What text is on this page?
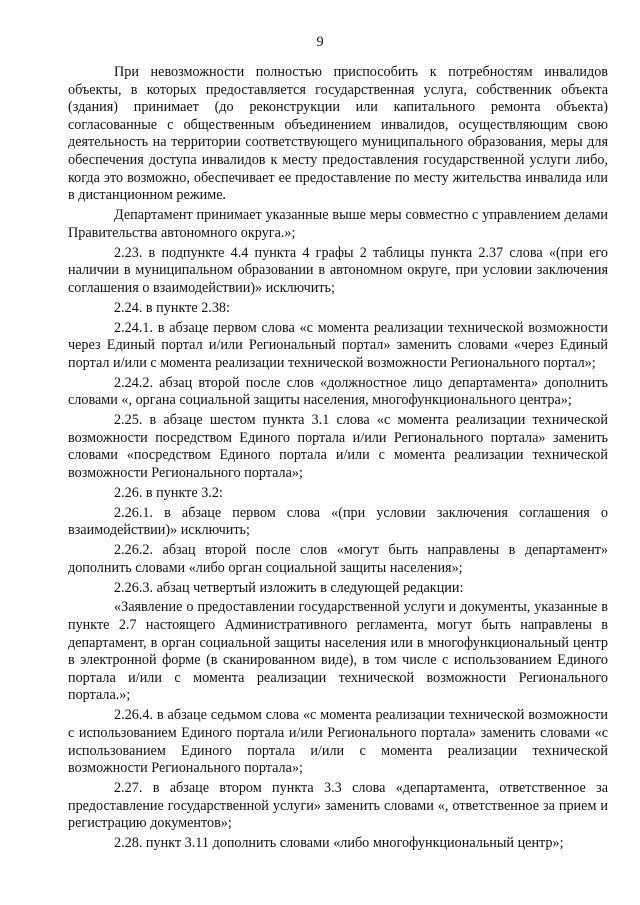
9

При невозможности полностью приспособить к потребностям инвалидов объекты, в которых предоставляется государственная услуга, собственник объекта (здания) принимает (до реконструкции или капитального ремонта объекта) согласованные с общественным объединением инвалидов, осуществляющим свою деятельность на территории соответствующего муниципального образования, меры для обеспечения доступа инвалидов к месту предоставления государственной услуги либо, когда это возможно, обеспечивает ее предоставление по месту жительства инвалида или в дистанционном режиме.

Департамент принимает указанные выше меры совместно с управлением делами Правительства автономного округа.»;

2.23. в подпункте 4.4 пункта 4 графы 2 таблицы пункта 2.37 слова «(при его наличии в муниципальном образовании в автономном округе, при условии заключения соглашения о взаимодействии)» исключить;

2.24. в пункте 2.38:

2.24.1. в абзаце первом слова «с момента реализации технической возможности через Единый портал и/или Региональный портал» заменить словами «через Единый портал и/или с момента реализации технической возможности Регионального портал»;

2.24.2. абзац второй после слов «должностное лицо департамента» дополнить словами «, органа социальной защиты населения, многофункционального центра»;

2.25. в абзаце шестом пункта 3.1 слова «с момента реализации технической возможности посредством Единого портала и/или Регионального портала» заменить словами «посредством Единого портала и/или с момента реализации технической возможности Регионального портала»;

2.26. в пункте 3.2:

2.26.1. в абзаце первом слова «(при условии заключения соглашения о взаимодействии)» исключить;

2.26.2. абзац второй после слов «могут быть направлены в департамент» дополнить словами «либо орган социальной защиты населения»;

2.26.3. абзац четвертый изложить в следующей редакции:

«Заявление о предоставлении государственной услуги и документы, указанные в пункте 2.7 настоящего Административного регламента, могут быть направлены в департамент, в орган социальной защиты населения или в многофункциональный центр в электронной форме (в сканированном виде), в том числе с использованием Единого портала и/или с момента реализации технической возможности Регионального портала.»;

2.26.4. в абзаце седьмом слова «с момента реализации технической возможности с использованием Единого портала и/или Регионального портала» заменить словами «с использованием Единого портала и/или с момента реализации технической возможности Регионального портала»;

2.27. в абзаце втором пункта 3.3 слова «департамента, ответственное за предоставление государственной услуги» заменить словами «, ответственное за прием и регистрацию документов»;

2.28. пункт 3.11 дополнить словами «либо многофункциональный центр»;
